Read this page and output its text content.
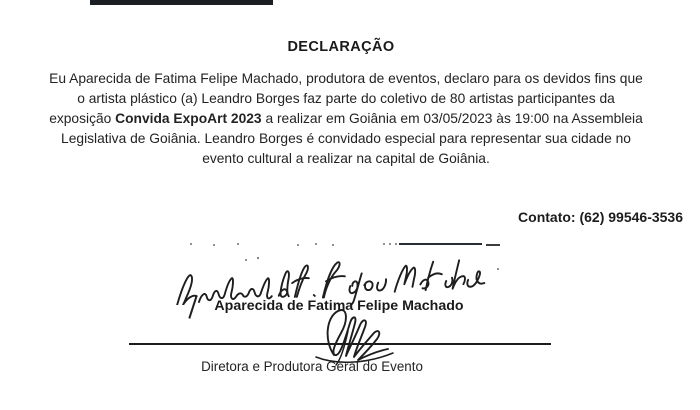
DECLARAÇÃO
Eu Aparecida de Fatima Felipe Machado, produtora de eventos, declaro para os devidos fins que
o artista plástico (a) Leandro Borges faz parte do coletivo de 80 artistas participantes da
exposição Convida ExpoArt 2023 a realizar em Goiânia em 03/05/2023 às 19:00 na Assembleia
Legislativa de Goiânia. Leandro Borges é convidado especial para representar sua cidade no
evento cultural a realizar na capital de Goiânia.
Contato: (62) 99546-3536
Aparecida de Fatima Felipe Machado
Diretora e Produtora Geral do Evento
